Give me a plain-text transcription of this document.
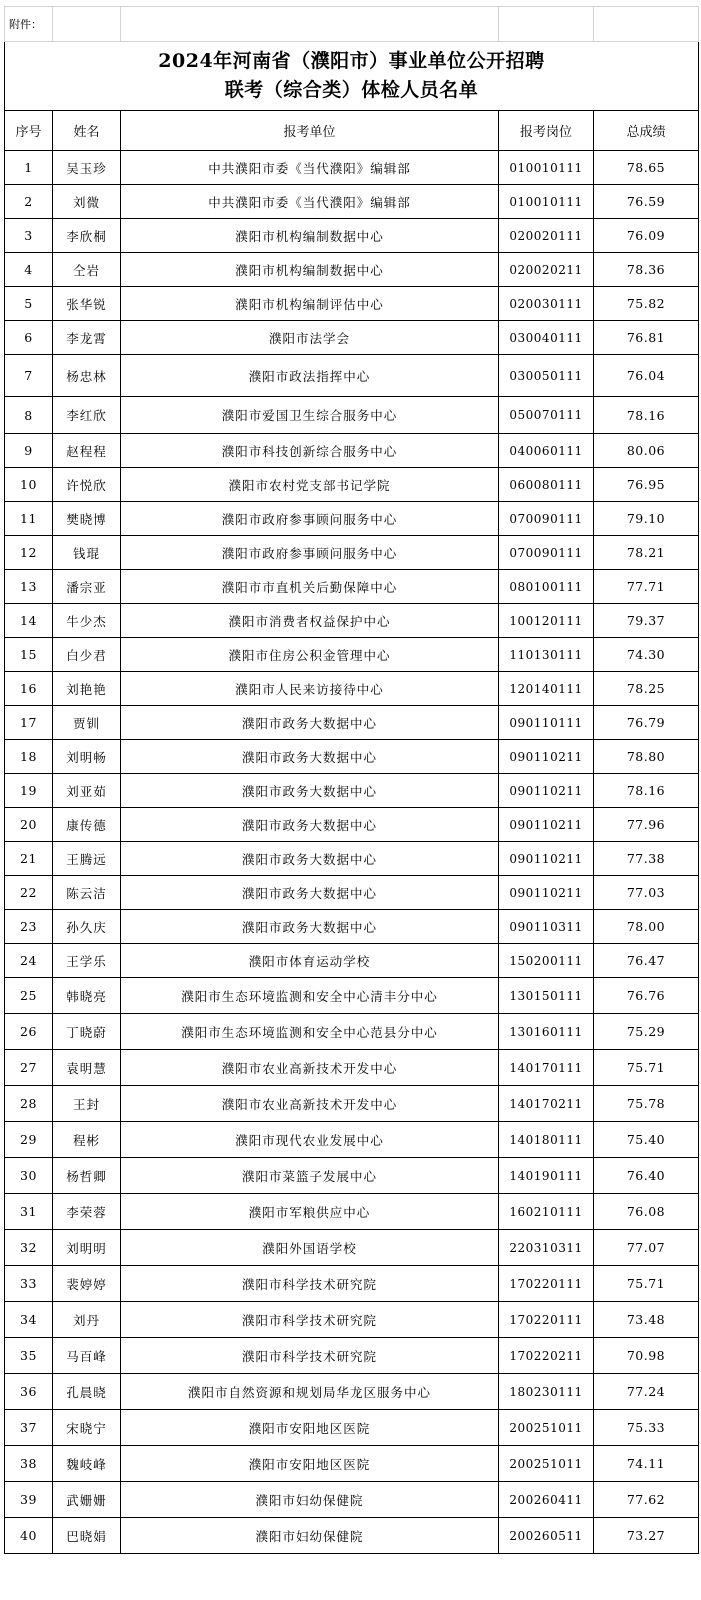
附件：				

2024年河南省（濮阳市）事业单位公开招聘
联考（综合类）体检人员名单				

序号	姓名	报考单位	报考岗位	总成绩
1	吴玉珍	中共濮阳市委《当代濮阳》编辑部	010010111	78.65
2	刘微	中共濮阳市委《当代濮阳》编辑部	010010111	76.59
3	李欣桐	濮阳市机构编制数据中心	020020111	76.09
4	仝岩	濮阳市机构编制数据中心	020020211	78.36
5	张华锐	濮阳市机构编制评估中心	020030111	75.82
6	李龙霄	濮阳市法学会	030040111	76.81
7	杨忠林	濮阳市政法指挥中心	030050111	76.04
8	李红欣	濮阳市爱国卫生综合服务中心	050070111	78.16
9	赵程程	濮阳市科技创新综合服务中心	040060111	80.06
10	许悦欣	濮阳市农村党支部书记学院	060080111	76.95
11	樊晓博	濮阳市政府参事顾问服务中心	070090111	79.10
12	钱琨	濮阳市政府参事顾问服务中心	070090111	78.21
13	潘宗亚	濮阳市市直机关后勤保障中心	080100111	77.71
14	牛少杰	濮阳市消费者权益保护中心	100120111	79.37
15	白少君	濮阳市住房公积金管理中心	110130111	74.30
16	刘艳艳	濮阳市人民来访接待中心	120140111	78.25
17	贾钏	濮阳市政务大数据中心	090110111	76.79
18	刘明畅	濮阳市政务大数据中心	090110211	78.80
19	刘亚茹	濮阳市政务大数据中心	090110211	78.16
20	康传德	濮阳市政务大数据中心	090110211	77.96
21	王腾远	濮阳市政务大数据中心	090110211	77.38
22	陈云洁	濮阳市政务大数据中心	090110211	77.03
23	孙久庆	濮阳市政务大数据中心	090110311	78.00
24	王学乐	濮阳市体育运动学校	150200111	76.47
25	韩晓亮	濮阳市生态环境监测和安全中心清丰分中心	130150111	76.76
26	丁晓蔚	濮阳市生态环境监测和安全中心范县分中心	130160111	75.29
27	袁明慧	濮阳市农业高新技术开发中心	140170111	75.71
28	王封	濮阳市农业高新技术开发中心	140170211	75.78
29	程彬	濮阳市现代农业发展中心	140180111	75.40
30	杨哲卿	濮阳市菜篮子发展中心	140190111	76.40
31	李荣蓉	濮阳市军粮供应中心	160210111	76.08
32	刘明明	濮阳外国语学校	220310311	77.07
33	裴婷婷	濮阳市科学技术研究院	170220111	75.71
34	刘丹	濮阳市科学技术研究院	170220111	73.48
35	马百峰	濮阳市科学技术研究院	170220211	70.98
36	孔晨晓	濮阳市自然资源和规划局华龙区服务中心	180230111	77.24
37	宋晓宁	濮阳市安阳地区医院	200251011	75.33
38	魏岐峰	濮阳市安阳地区医院	200251011	74.11
39	武姗姗	濮阳市妇幼保健院	200260411	77.62
40	巴晓娟	濮阳市妇幼保健院	200260511	73.27
